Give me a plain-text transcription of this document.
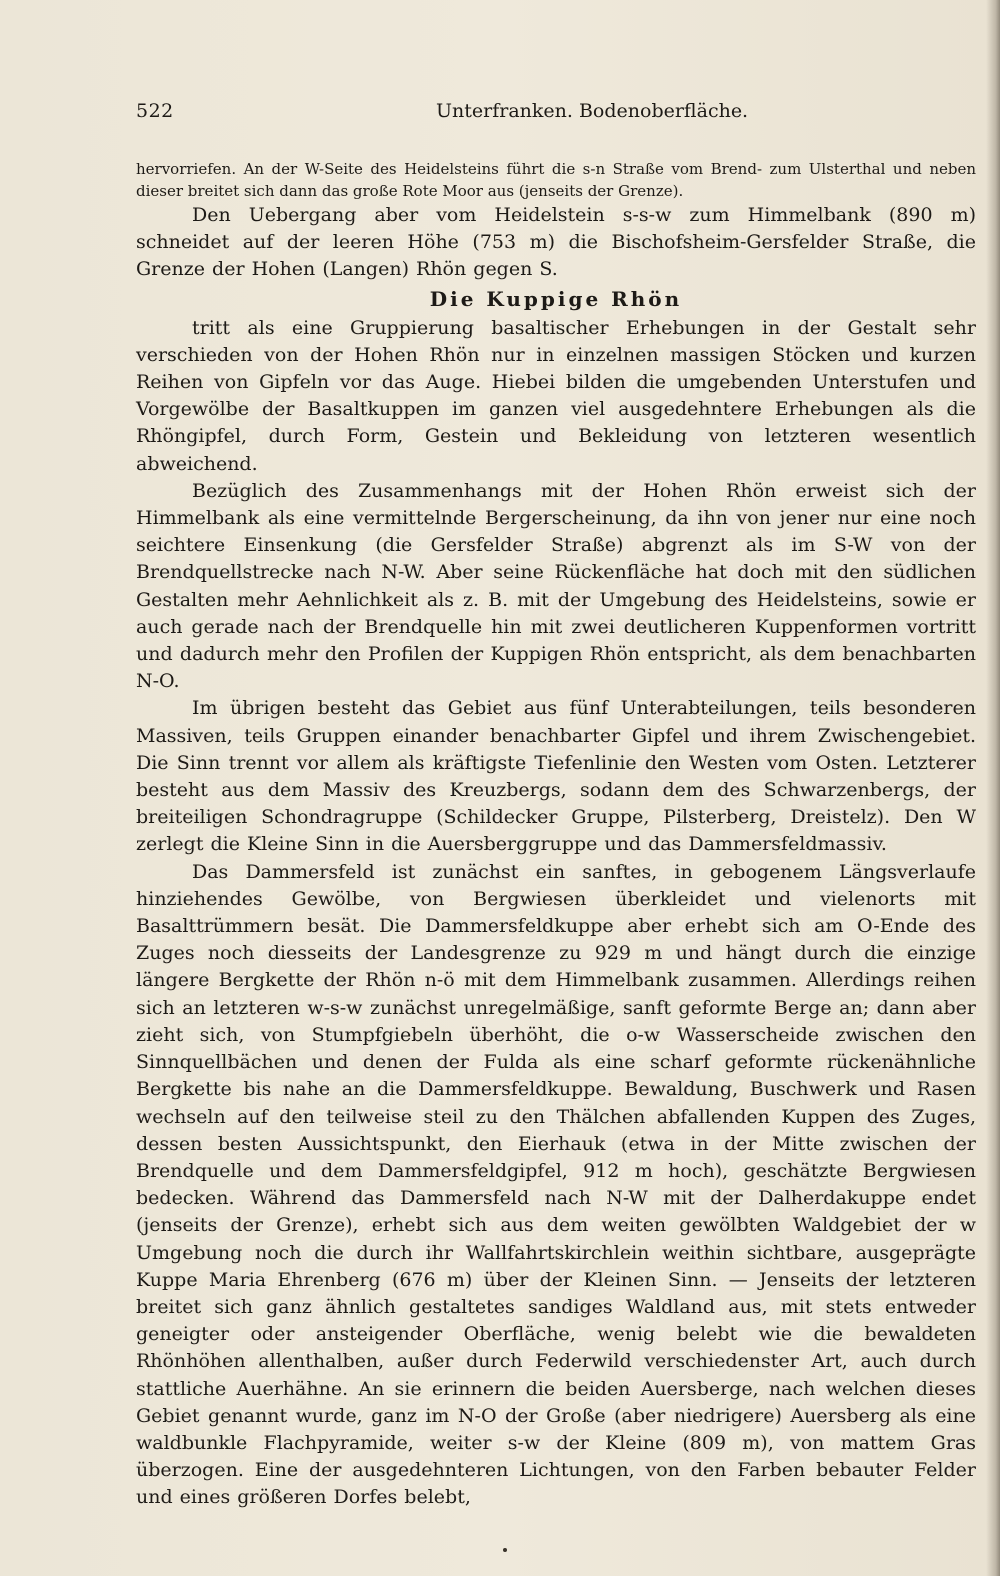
522	Unterfranken. Bodenoberfläche.

hervorriefen. An der W-Seite des Heidelsteins führt die s-n Straße vom Brend- zum Ulsterthal und neben dieser breitet sich dann das große Rote Moor aus (jenseits der Grenze).

Den Uebergang aber vom Heidelstein s-s-w zum Himmelbank (890 m) schneidet auf der leeren Höhe (753 m) die Bischofsheim-Gersfelder Straße, die Grenze der Hohen (Langen) Rhön gegen S.

Die Kuppige Rhön

tritt als eine Gruppierung basaltischer Erhebungen in der Gestalt sehr verschieden von der Hohen Rhön nur in einzelnen massigen Stöcken und kurzen Reihen von Gipfeln vor das Auge. Hiebei bilden die umgebenden Unterstufen und Vorgewölbe der Basaltkuppen im ganzen viel ausgedehntere Erhebungen als die Rhöngipfel, durch Form, Gestein und Bekleidung von letzteren wesentlich abweichend.

Bezüglich des Zusammenhangs mit der Hohen Rhön erweist sich der Himmelbank als eine vermittelnde Bergerscheinung, da ihn von jener nur eine noch seichtere Einsenkung (die Gersfelder Straße) abgrenzt als im S-W von der Brendquellstrecke nach N-W. Aber seine Rückenfläche hat doch mit den südlichen Gestalten mehr Aehnlichkeit als z. B. mit der Umgebung des Heidelsteins, sowie er auch gerade nach der Brendquelle hin mit zwei deutlicheren Kuppenformen vortritt und dadurch mehr den Profilen der Kuppigen Rhön entspricht, als dem benachbarten N-O.

Im übrigen besteht das Gebiet aus fünf Unterabteilungen, teils besonderen Massiven, teils Gruppen einander benachbarter Gipfel und ihrem Zwischengebiet. Die Sinn trennt vor allem als kräftigste Tiefenlinie den Westen vom Osten. Letzterer besteht aus dem Massiv des Kreuzbergs, sodann dem des Schwarzenbergs, der breiteiligen Schondragruppe (Schildecker Gruppe, Pilsterberg, Dreistelz). Den W zerlegt die Kleine Sinn in die Auersberggruppe und das Dammersfeldmassiv.

Das Dammersfeld ist zunächst ein sanftes, in gebogenem Längsverlaufe hinziehendes Gewölbe, von Bergwiesen überkleidet und vielenorts mit Basalttrümmern besät. Die Dammersfeldkuppe aber erhebt sich am O-Ende des Zuges noch diesseits der Landesgrenze zu 929 m und hängt durch die einzige längere Bergkette der Rhön n-ö mit dem Himmelbank zusammen. Allerdings reihen sich an letzteren w-s-w zunächst unregelmäßige, sanft geformte Berge an; dann aber zieht sich, von Stumpfgiebeln überhöht, die o-w Wasserscheide zwischen den Sinnquellbächen und denen der Fulda als eine scharf geformte rückenähnliche Bergkette bis nahe an die Dammersfeldkuppe. Bewaldung, Buschwerk und Rasen wechseln auf den teilweise steil zu den Thälchen abfallenden Kuppen des Zuges, dessen besten Aussichtspunkt, den Eierhauk (etwa in der Mitte zwischen der Brendquelle und dem Dammersfeldgipfel, 912 m hoch), geschätzte Bergwiesen bedecken. Während das Dammersfeld nach N-W mit der Dalherdakuppe endet (jenseits der Grenze), erhebt sich aus dem weiten gewölbten Waldgebiet der w Umgebung noch die durch ihr Wallfahrtskirchlein weithin sichtbare, ausgeprägte Kuppe Maria Ehrenberg (676 m) über der Kleinen Sinn. — Jenseits der letzteren breitet sich ganz ähnlich gestaltetes sandiges Waldland aus, mit stets entweder geneigter oder ansteigender Oberfläche, wenig belebt wie die bewaldeten Rhönhöhen allenthalben, außer durch Federwild verschiedenster Art, auch durch stattliche Auerhähne. An sie erinnern die beiden Auersberge, nach welchen dieses Gebiet genannt wurde, ganz im N-O der Große (aber niedrigere) Auersberg als eine waldbunkle Flachpyramide, weiter s-w der Kleine (809 m), von mattem Gras überzogen. Eine der ausgedehnteren Lichtungen, von den Farben bebauter Felder und eines größeren Dorfes belebt,
